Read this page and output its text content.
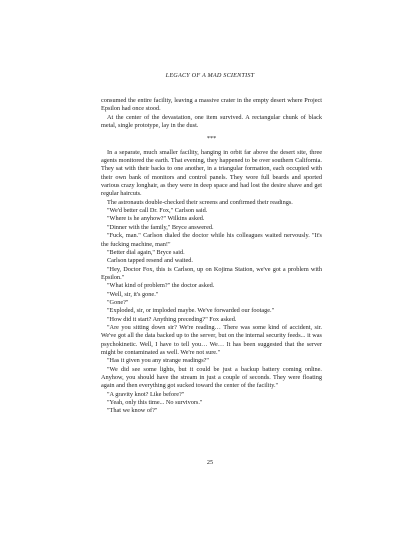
LEGACY OF A MAD SCIENTIST

consumed the entire facility, leaving a massive crater in the empty desert where Project Epsilon had once stood.

At the center of the devastation, one item survived. A rectangular chunk of black metal, single prototype, lay in the dust.

***

In a separate, much smaller facility, hanging in orbit far above the desert site, three agents monitored the earth. That evening, they happened to be over southern California. They sat with their backs to one another, in a triangular formation, each occupied with their own bank of monitors and control panels. They wore full beards and sported various crazy longhair, as they were in deep space and had lost the desire shave and get regular haircuts.

The astronauts double-checked their screens and confirmed their readings.

"We'd better call Dr. Fox," Carlson said.

"Where is he anyhow?" Wilkins asked.

"Dinner with the family," Bryce answered.

"Fuck, man." Carlson dialed the doctor while his colleagues waited nervously. "It's the fucking machine, man!"

"Better dial again," Bryce said.

Carlson tapped resend and waited.

"Hey, Doctor Fox, this is Carlson, up on Kojima Station, we've got a problem with Epsilon."

"What kind of problem?" the doctor asked.

"Well, sir, it's gone."

"Gone?"

"Exploded, sir, or imploded maybe. We've forwarded our footage."

"How did it start? Anything preceding?" Fox asked.

"Are you sitting down sir? We're reading… There was some kind of accident, sir. We've got all the data backed up to the server, but on the internal security feeds... it was psychokinetic. Well, I have to tell you… We… It has been suggested that the server might be contaminated as well. We're not sure."

"Has it given you any strange readings?"

"We did see some lights, but it could be just a backup battery coming online. Anyhow, you should have the stream in just a couple of seconds. They were floating again and then everything got sucked toward the center of the facility."

"A gravity knot? Like before?"

"Yeah, only this time... No survivors."

"That we know of?"

25
